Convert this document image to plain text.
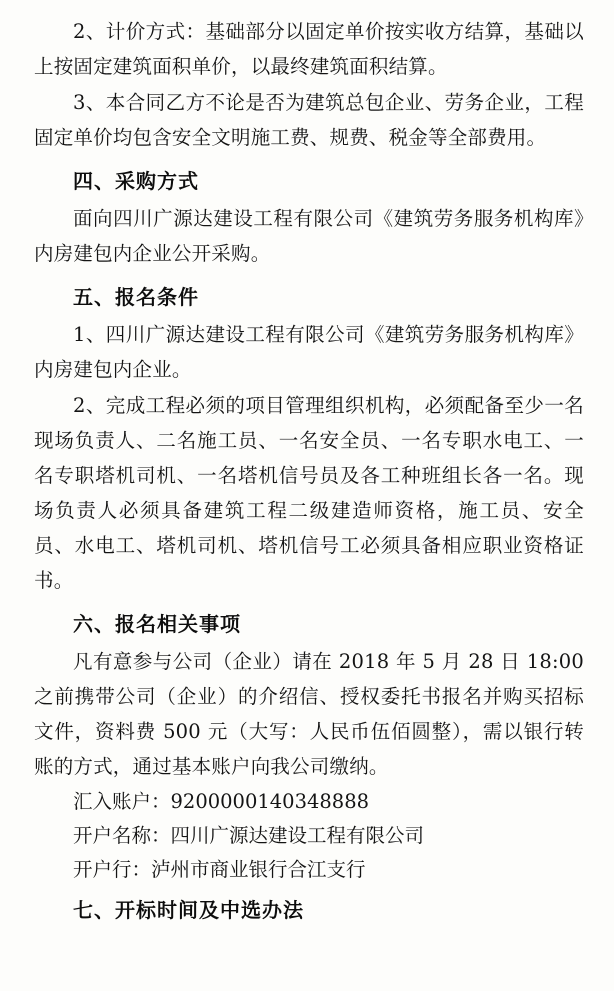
2、计价方式：基础部分以固定单价按实收方结算，基础以上按固定建筑面积单价，以最终建筑面积结算。

3、本合同乙方不论是否为建筑总包企业、劳务企业，工程固定单价均包含安全文明施工费、规费、税金等全部费用。

四、采购方式

面向四川广源达建设工程有限公司《建筑劳务服务机构库》内房建包内企业公开采购。

五、报名条件

1、四川广源达建设工程有限公司《建筑劳务服务机构库》内房建包内企业。

2、完成工程必须的项目管理组织机构，必须配备至少一名现场负责人、二名施工员、一名安全员、一名专职水电工、一名专职塔机司机、一名塔机信号员及各工种班组长各一名。现场负责人必须具备建筑工程二级建造师资格，施工员、安全员、水电工、塔机司机、塔机信号工必须具备相应职业资格证书。

六、报名相关事项

凡有意参与公司（企业）请在 2018 年 5 月 28 日 18:00 之前携带公司（企业）的介绍信、授权委托书报名并购买招标文件，资料费 500 元（大写：人民币伍佰圆整），需以银行转账的方式，通过基本账户向我公司缴纳。

汇入账户：9200000140348888

开户名称：四川广源达建设工程有限公司

开户行：泸州市商业银行合江支行

七、开标时间及中选办法
